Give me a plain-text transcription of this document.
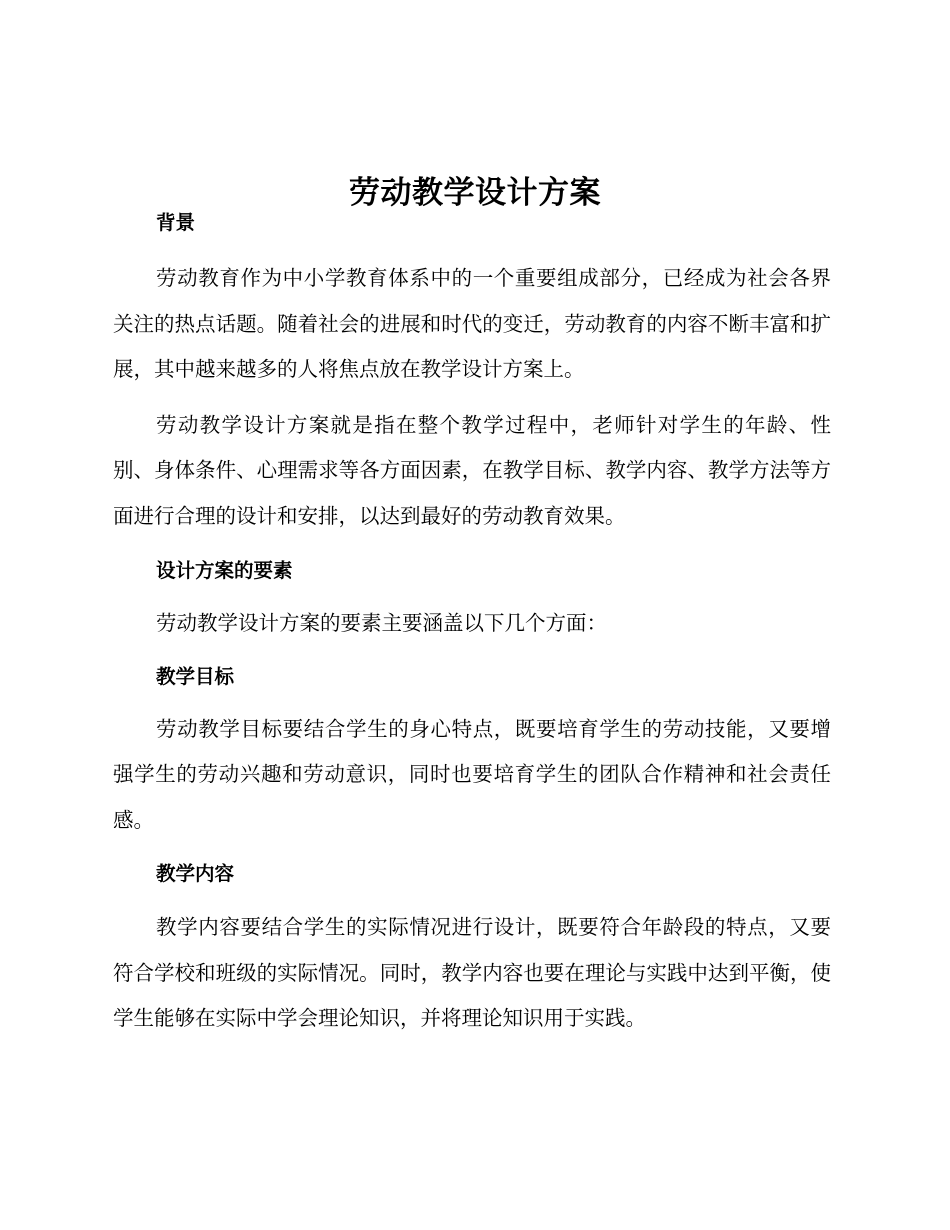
劳动教学设计方案
背景

劳动教育作为中小学教育体系中的一个重要组成部分，已经成为社会各界关注的热点话题。随着社会的进展和时代的变迁，劳动教育的内容不断丰富和扩展，其中越来越多的人将焦点放在教学设计方案上。

劳动教学设计方案就是指在整个教学过程中，老师针对学生的年龄、性别、身体条件、心理需求等各方面因素，在教学目标、教学内容、教学方法等方面进行合理的设计和安排，以达到最好的劳动教育效果。

设计方案的要素

劳动教学设计方案的要素主要涵盖以下几个方面：

教学目标

劳动教学目标要结合学生的身心特点，既要培育学生的劳动技能，又要增强学生的劳动兴趣和劳动意识，同时也要培育学生的团队合作精神和社会责任感。

教学内容

教学内容要结合学生的实际情况进行设计，既要符合年龄段的特点，又要符合学校和班级的实际情况。同时，教学内容也要在理论与实践中达到平衡，使学生能够在实际中学会理论知识，并将理论知识用于实践。
